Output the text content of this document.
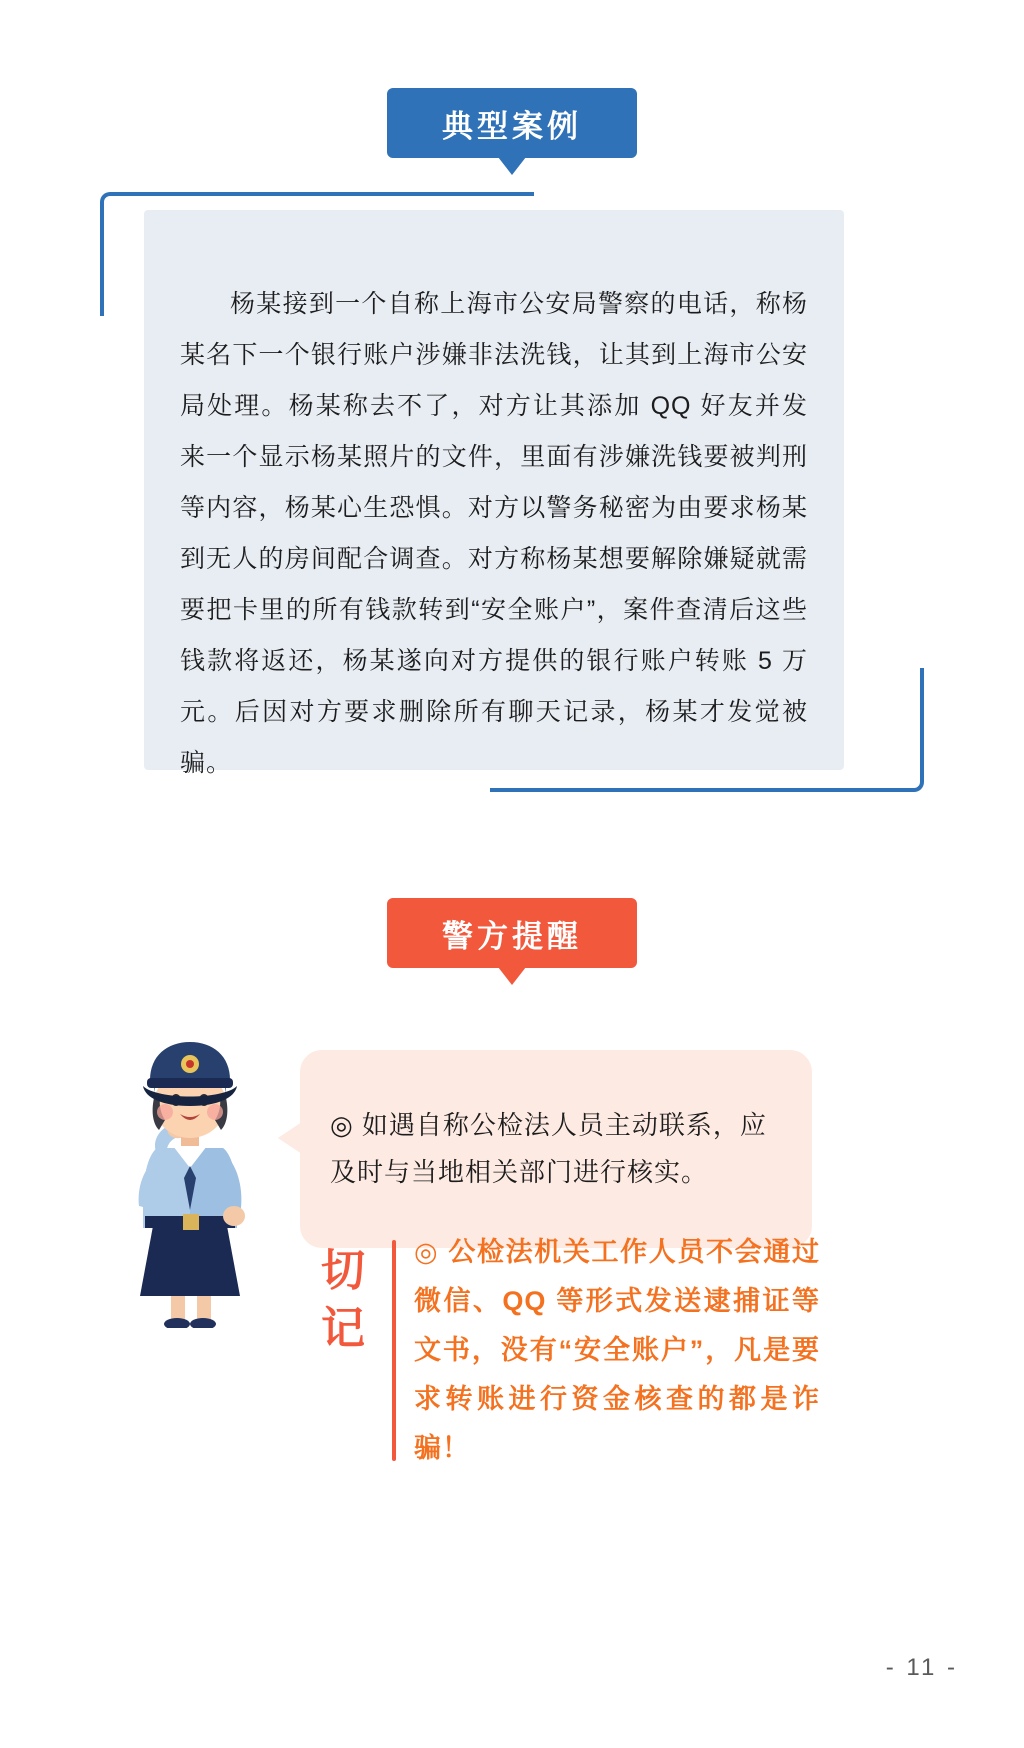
典型案例

杨某接到一个自称上海市公安局警察的电话，称杨某名下一个银行账户涉嫌非法洗钱，让其到上海市公安局处理。杨某称去不了，对方让其添加 QQ 好友并发来一个显示杨某照片的文件，里面有涉嫌洗钱要被判刑等内容，杨某心生恐惧。对方以警务秘密为由要求杨某到无人的房间配合调查。对方称杨某想要解除嫌疑就需要把卡里的所有钱款转到“安全账户”，案件查清后这些钱款将返还，杨某遂向对方提供的银行账户转账 5 万元。后因对方要求删除所有聊天记录，杨某才发觉被骗。

警方提醒

◎ 如遇自称公检法人员主动联系，应及时与当地相关部门进行核实。

切记
◎ 公检法机关工作人员不会通过微信、QQ 等形式发送逮捕证等文书，没有“安全账户”，凡是要求转账进行资金核查的都是诈骗！
- 11 -
